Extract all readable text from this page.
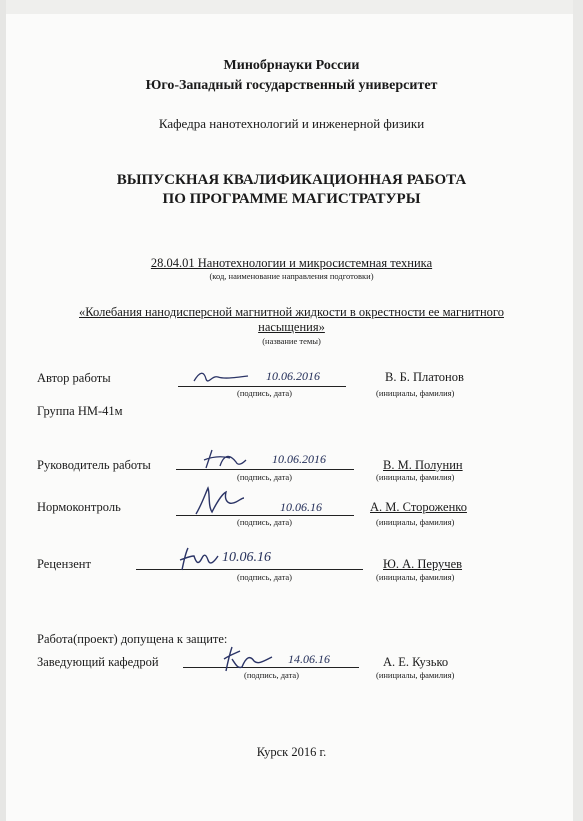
Минобрнауки России
Юго-Западный государственный университет
Кафедра нанотехнологий и инженерной физики
ВЫПУСКНАЯ КВАЛИФИКАЦИОННАЯ РАБОТА
ПО ПРОГРАММЕ МАГИСТРАТУРЫ
28.04.01 Нанотехнологии и микросистемная техника
(код, наименование направления подготовки)
«Колебания нанодисперсной магнитной жидкости в окрестности ее магнитного
насыщения»
(название темы)
Автор работы	10.06.2016
(подпись, дата)
В. Б. Платонов
(инициалы, фамилия)
Группа НМ-41м
Руководитель работы	10.06.2016
(подпись, дата)
В. М. Полунин
(инициалы, фамилия)
Нормоконтроль	10.06.16
(подпись, дата)
А. М. Стороженко
(инициалы, фамилия)
Рецензент	10.06.16
(подпись, дата)
Ю. А. Перучев
(инициалы, фамилия)
Работа(проект) допущена к защите:
Заведующий кафедрой	14.06.16
(подпись, дата)
А. Е. Кузько
(инициалы, фамилия)
Курск 2016 г.
